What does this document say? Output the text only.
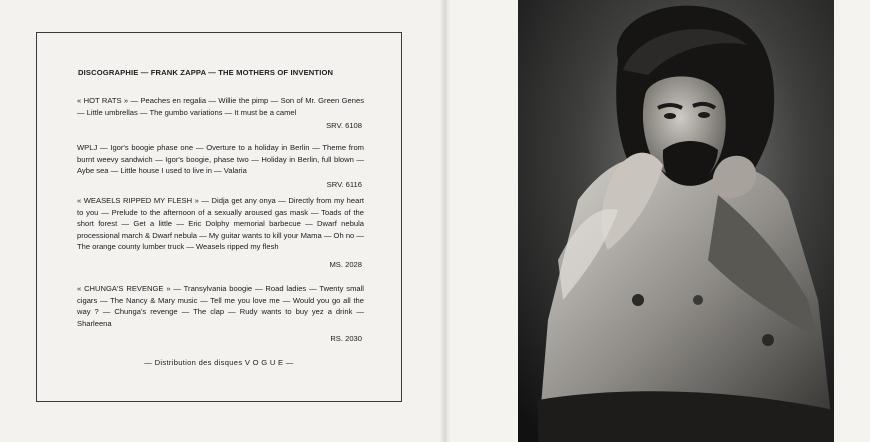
DISCOGRAPHIE — FRANK ZAPPA — THE MOTHERS OF INVENTION
« HOT RATS » — Peaches en regalia — Willie the pimp — Son of Mr. Green Genes — Little umbrellas — The gumbo variations — It must be a camel
SRV. 6108
WPLJ — Igor's boogie phase one — Overture to a holiday in Berlin — Theme from burnt weevy sandwich — Igor's boogie, phase two — Holiday in Berlin, full blown — Aybe sea — Little house I used to live in — Valaria
SRV. 6116
« WEASELS RIPPED MY FLESH » — Didja get any onya — Directly from my heart to you — Prelude to the afternoon of a sexually aroused gas mask — Toads of the short forest — Get a little — Eric Dolphy memorial barbecue — Dwarf nebula processional march & Dwarf nebula — My guitar wants to kill your Mama — Oh no — The orange county lumber truck — Weasels ripped my flesh
MS. 2028
« CHUNGA'S REVENGE » — Transylvania boogie — Road ladies — Twenty small cigars — The Nancy & Mary music — Tell me you love me — Would you go all the way ? — Chunga's revenge — The clap — Rudy wants to buy yez a drink — Sharleena
RS. 2030
— Distribution des disques V O G U E —
